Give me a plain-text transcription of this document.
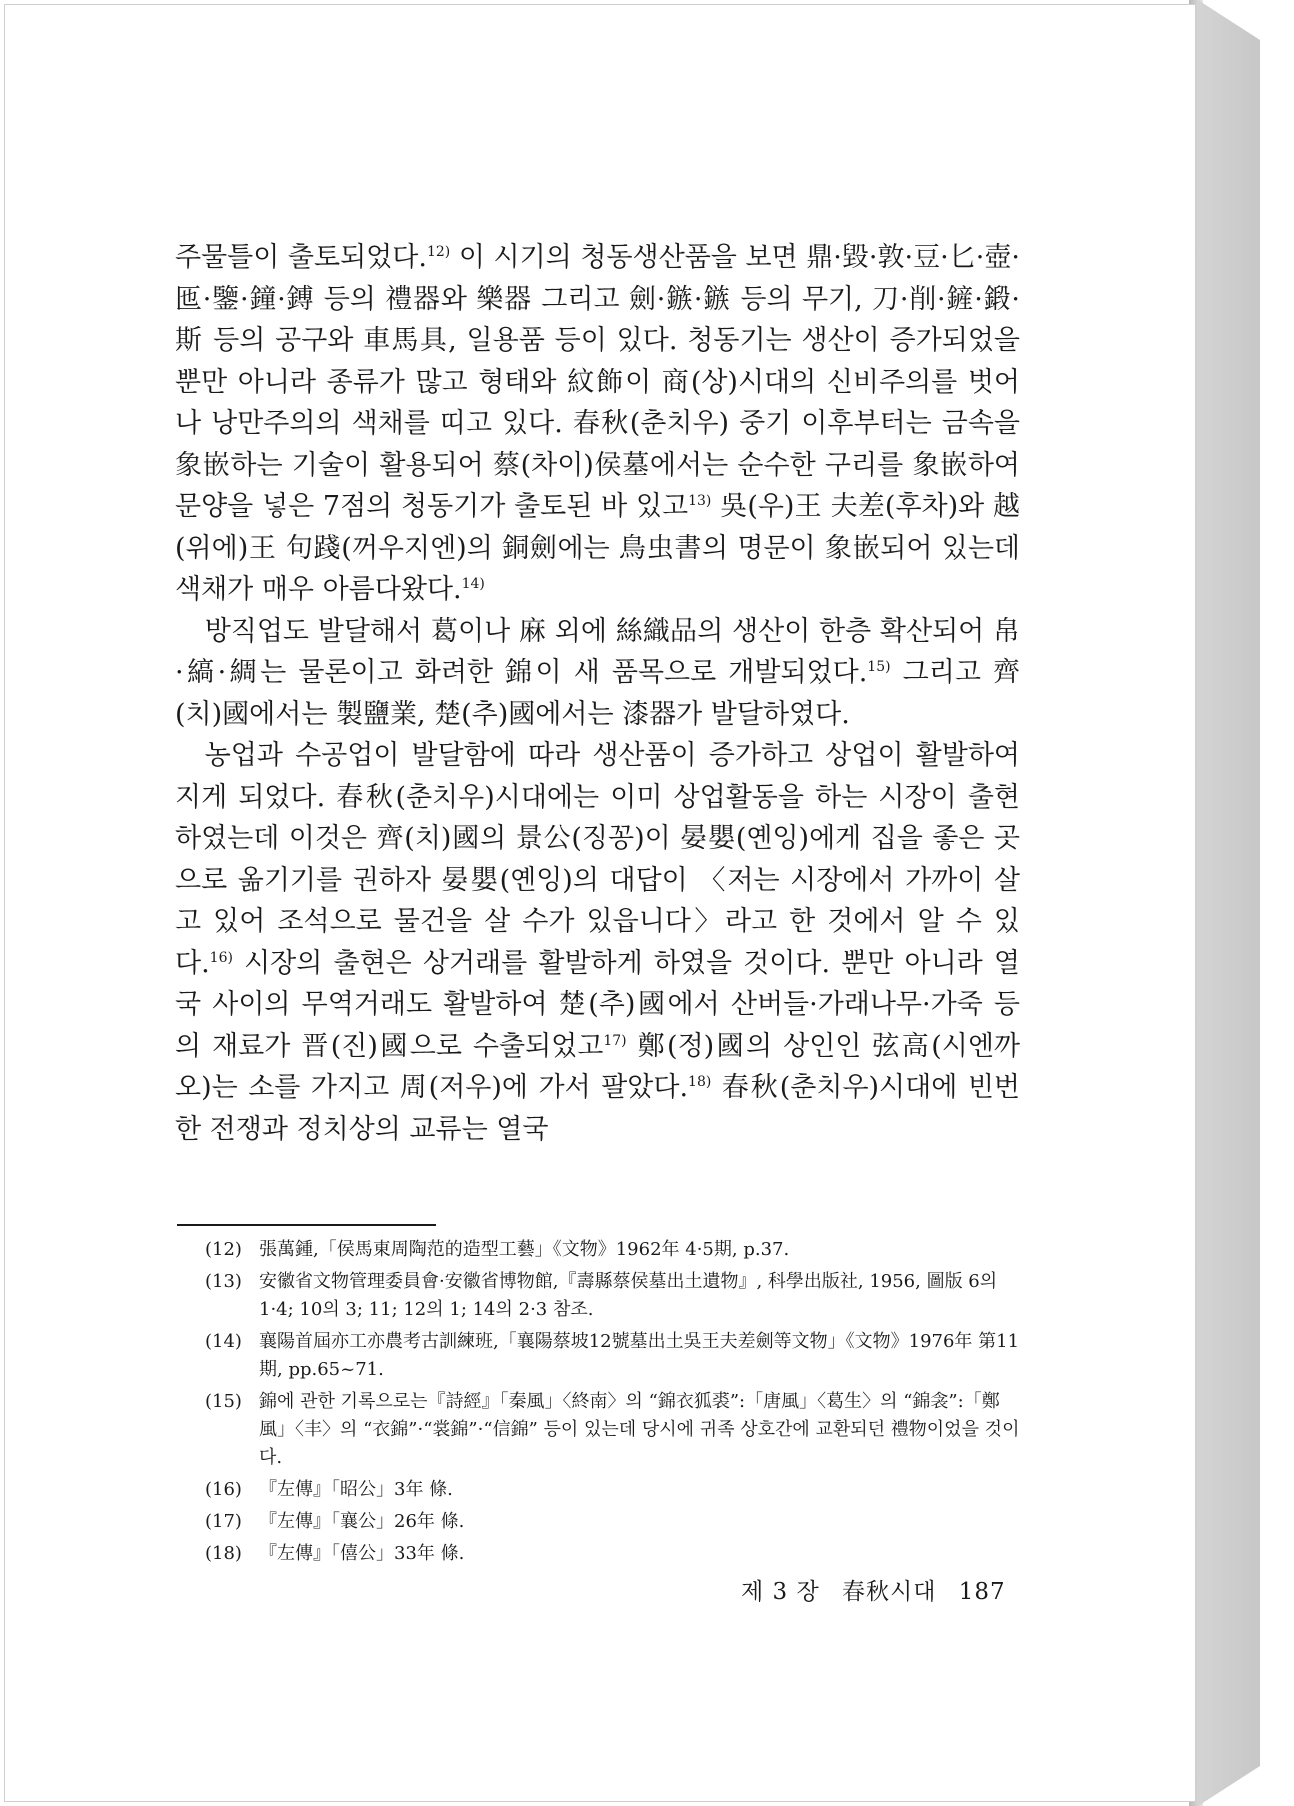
주물틀이 출토되었다.$^{12)}$ 이 시기의 청동생산품을 보면 鼎·毀·敦·豆·匕·壺·匜·鑒·鐘·鎛 등의 禮器와 樂器 그리고 劍·鏃·鏃 등의 무기, 刀·削·鏟·鍛·斯 등의 공구와 車馬具, 일용품 등이 있다. 청동기는 생산이 증가되었을 뿐만 아니라 종류가 많고 형태와 紋飾이 商(상)시대의 신비주의를 벗어나 낭만주의의 색채를 띠고 있다. 春秋(춘치우) 중기 이후부터는 금속을 象嵌하는 기술이 활용되어 蔡(차이)侯墓에서는 순수한 구리를 象嵌하여 문양을 넣은 7점의 청동기가 출토된 바 있고$^{13)}$ 吳(우)王 夫差(후차)와 越(위에)王 句踐(꺼우지엔)의 銅劍에는 鳥虫書의 명문이 象嵌되어 있는데 색채가 매우 아름다왔다.$^{14)}$

방직업도 발달해서 葛이나 麻 외에 絲織品의 생산이 한층 확산되어 帛·縞·綢는 물론이고 화려한 錦이 새 품목으로 개발되었다.$^{15)}$ 그리고 齊(치)國에서는 製鹽業, 楚(추)國에서는 漆器가 발달하였다.

농업과 수공업이 발달함에 따라 생산품이 증가하고 상업이 활발하여지게 되었다. 春秋(춘치우)시대에는 이미 상업활동을 하는 시장이 출현하였는데 이것은 齊(치)國의 景公(징꽁)이 晏嬰(옌잉)에게 집을 좋은 곳으로 옮기기를 권하자 晏嬰(옌잉)의 대답이 〈저는 시장에서 가까이 살고 있어 조석으로 물건을 살 수가 있읍니다〉라고 한 것에서 알 수 있다.$^{16)}$ 시장의 출현은 상거래를 활발하게 하였을 것이다. 뿐만 아니라 열국 사이의 무역거래도 활발하여 楚(추)國에서 산버들·가래나무·가죽 등의 재료가 晋(진)國으로 수출되었고$^{17)}$ 鄭(정)國의 상인인 弦高(시엔까오)는 소를 가지고 周(저우)에 가서 팔았다.$^{18)}$ 春秋(춘치우)시대에 빈번한 전쟁과 정치상의 교류는 열국

(12) 張萬鍾,「侯馬東周陶范的造型工藝」《文物》1962年 4·5期, p.37.
(13) 安徽省文物管理委員會·安徽省博物館,『壽縣蔡侯墓出土遺物』, 科學出版社, 1956, 圖版 6의 1·4; 10의 3; 11; 12의 1; 14의 2·3 참조.
(14) 襄陽首屆亦工亦農考古訓練班,「襄陽蔡坡12號墓出土吳王夫差劍等文物」《文物》1976年 第11期, pp.65~71.
(15) 錦에 관한 기록으로는『詩經』「秦風」〈終南〉의 “錦衣狐裘”:「唐風」〈葛生〉의 “錦衾”:「鄭風」〈丰〉의 “衣錦”·“裳錦”·“信錦” 등이 있는데 당시에 귀족 상호간에 교환되던 禮物이었을 것이다.
(16) 『左傳』「昭公」3年 條.
(17) 『左傳』「襄公」26年 條.
(18) 『左傳』「僖公」33年 條.
제 3 장 春秋시대 187
